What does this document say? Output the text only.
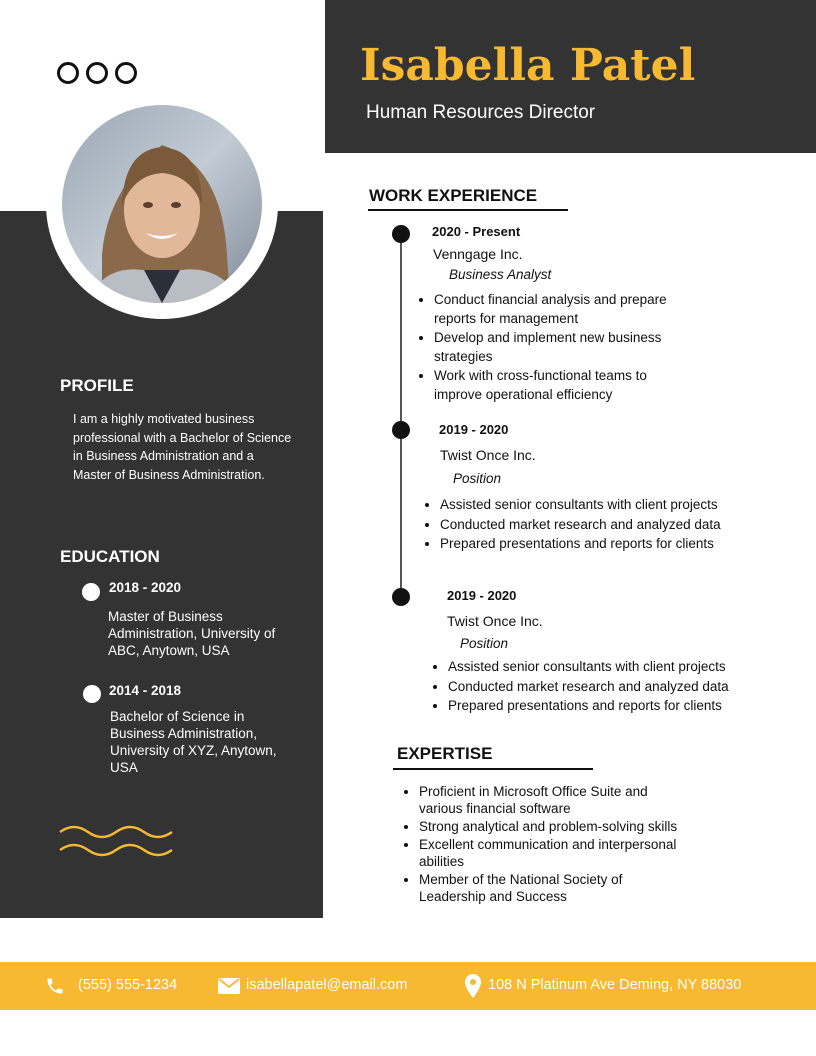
Isabella Patel
Human Resources Director
PROFILE
I am a highly motivated business professional with a Bachelor of Science in Business Administration and a Master of Business Administration.
EDUCATION
2018 - 2020
Master of Business Administration, University of ABC, Anytown, USA
2014 - 2018
Bachelor of Science in Business Administration, University of XYZ, Anytown, USA
WORK EXPERIENCE
2020 - Present
Venngage Inc.
Business Analyst
• Conduct financial analysis and prepare reports for management
• Develop and implement new business strategies
• Work with cross-functional teams to improve operational efficiency
2019 - 2020
Twist Once Inc.
Position
• Assisted senior consultants with client projects
• Conducted market research and analyzed data
• Prepared presentations and reports for clients
2019 - 2020
Twist Once Inc.
Position
• Assisted senior consultants with client projects
• Conducted market research and analyzed data
• Prepared presentations and reports for clients
EXPERTISE
• Proficient in Microsoft Office Suite and various financial software
• Strong analytical and problem-solving skills
• Excellent communication and interpersonal abilities
• Member of the National Society of Leadership and Success
(555) 555-1234	isabellapatel@email.com	108 N Platinum Ave Deming, NY 88030
